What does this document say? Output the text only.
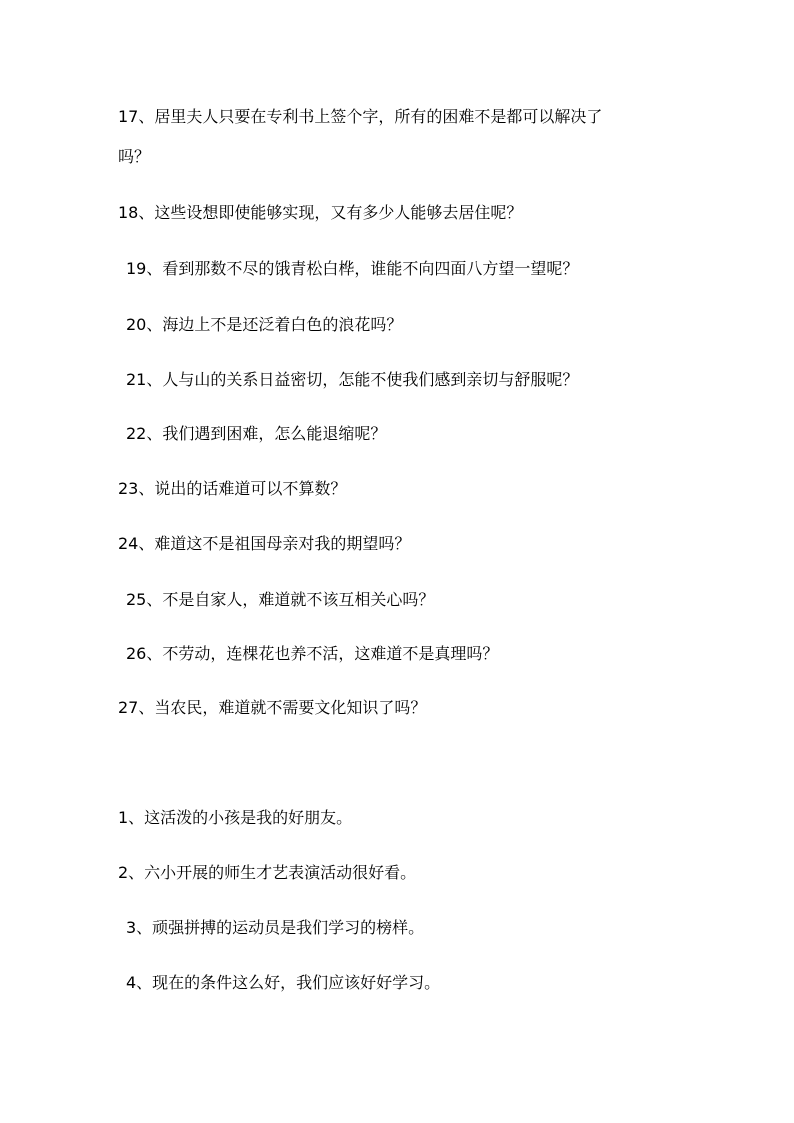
17、居里夫人只要在专利书上签个字，所有的困难不是都可以解决了
吗？
18、这些设想即使能够实现，又有多少人能够去居住呢？
19、看到那数不尽的饿青松白桦，谁能不向四面八方望一望呢？
20、海边上不是还泛着白色的浪花吗？
21、人与山的关系日益密切，怎能不使我们感到亲切与舒服呢？
22、我们遇到困难，怎么能退缩呢？
23、说出的话难道可以不算数？
24、难道这不是祖国母亲对我的期望吗？
25、不是自家人，难道就不该互相关心吗？
26、不劳动，连棵花也养不活，这难道不是真理吗？
27、当农民，难道就不需要文化知识了吗？
1、这活泼的小孩是我的好朋友。
2、六小开展的师生才艺表演活动很好看。
3、顽强拼搏的运动员是我们学习的榜样。
4、现在的条件这么好，我们应该好好学习。
